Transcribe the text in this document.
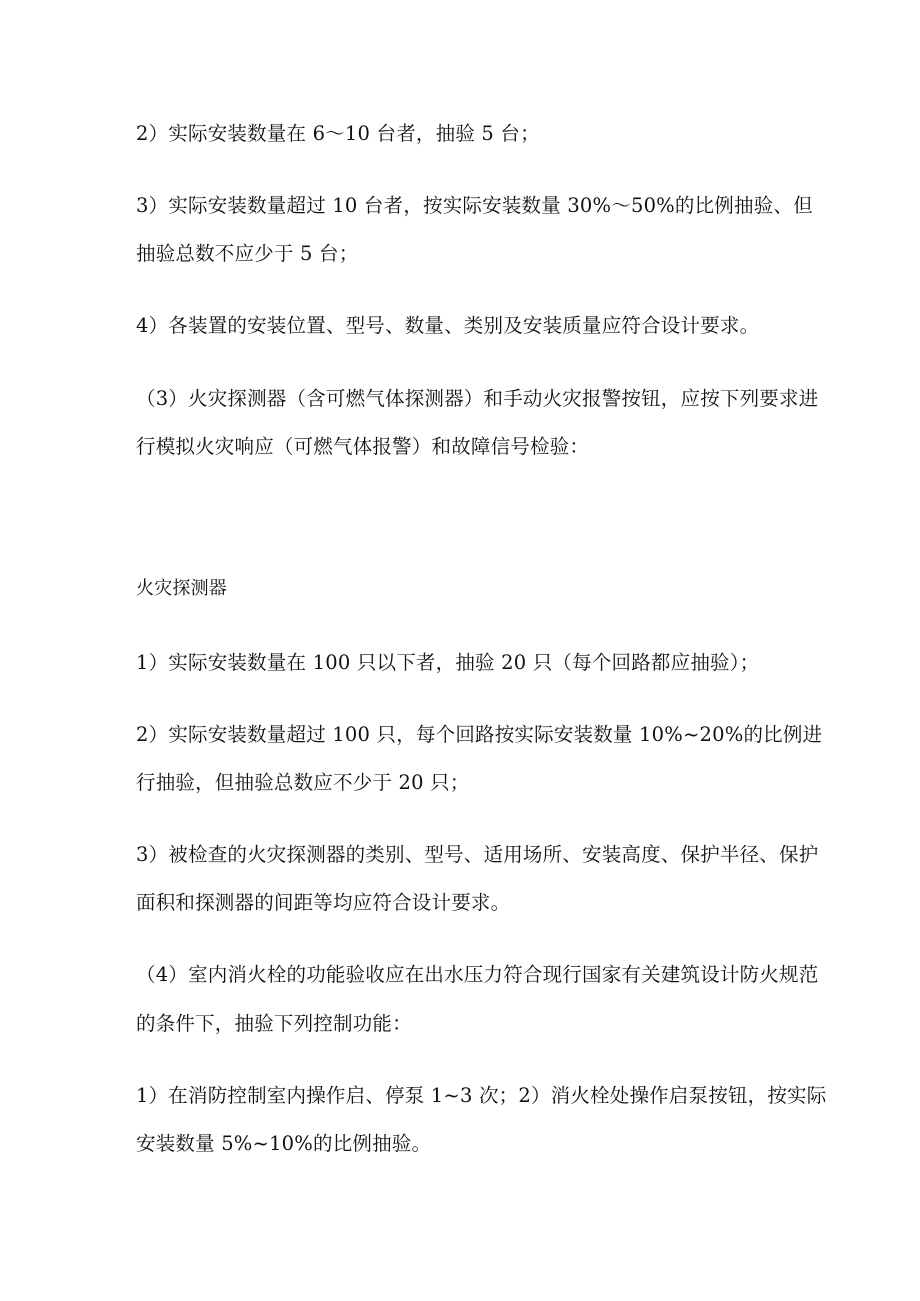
2）实际安装数量在 6～10 台者，抽验 5 台；
3）实际安装数量超过 10 台者，按实际安装数量 30%～50%的比例抽验、但
抽验总数不应少于 5 台；
4）各装置的安装位置、型号、数量、类别及安装质量应符合设计要求。
（3）火灾探测器（含可燃气体探测器）和手动火灾报警按钮，应按下列要求进
行模拟火灾响应（可燃气体报警）和故障信号检验：
火灾探测器
1）实际安装数量在 100 只以下者，抽验 20 只（每个回路都应抽验）；
2）实际安装数量超过 100 只，每个回路按实际安装数量 10%~20%的比例进
行抽验，但抽验总数应不少于 20 只；
3）被检查的火灾探测器的类别、型号、适用场所、安装高度、保护半径、保护
面积和探测器的间距等均应符合设计要求。
（4）室内消火栓的功能验收应在出水压力符合现行国家有关建筑设计防火规范
的条件下，抽验下列控制功能：
1）在消防控制室内操作启、停泵 1~3 次；2）消火栓处操作启泵按钮，按实际
安装数量 5%~10%的比例抽验。
